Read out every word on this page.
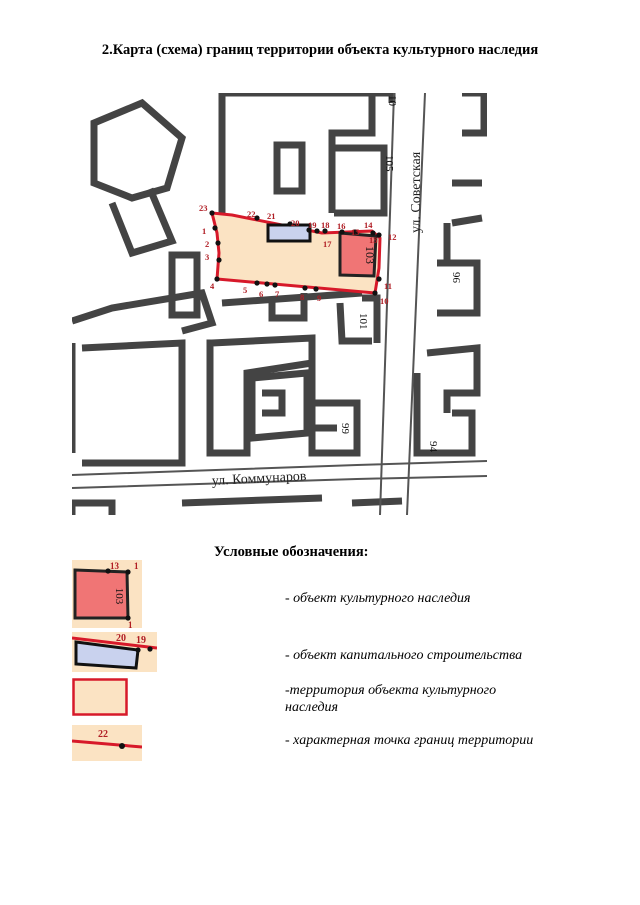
2.Карта (схема) границ территории объекта культурного наследия
103
23
1
2
3
4	5 6 7 8 9	10
11
12
13
14
15
16
17
18
19
20
21
22
105
101
99
96
94
10
ул. Советская
ул. Коммунаров
Условные обозначения:
13 1
103
1
- объект культурного наследия
20 19
- объект капитального строительства
-территория объекта культурного наследия
22	- характерная точка границ территории
